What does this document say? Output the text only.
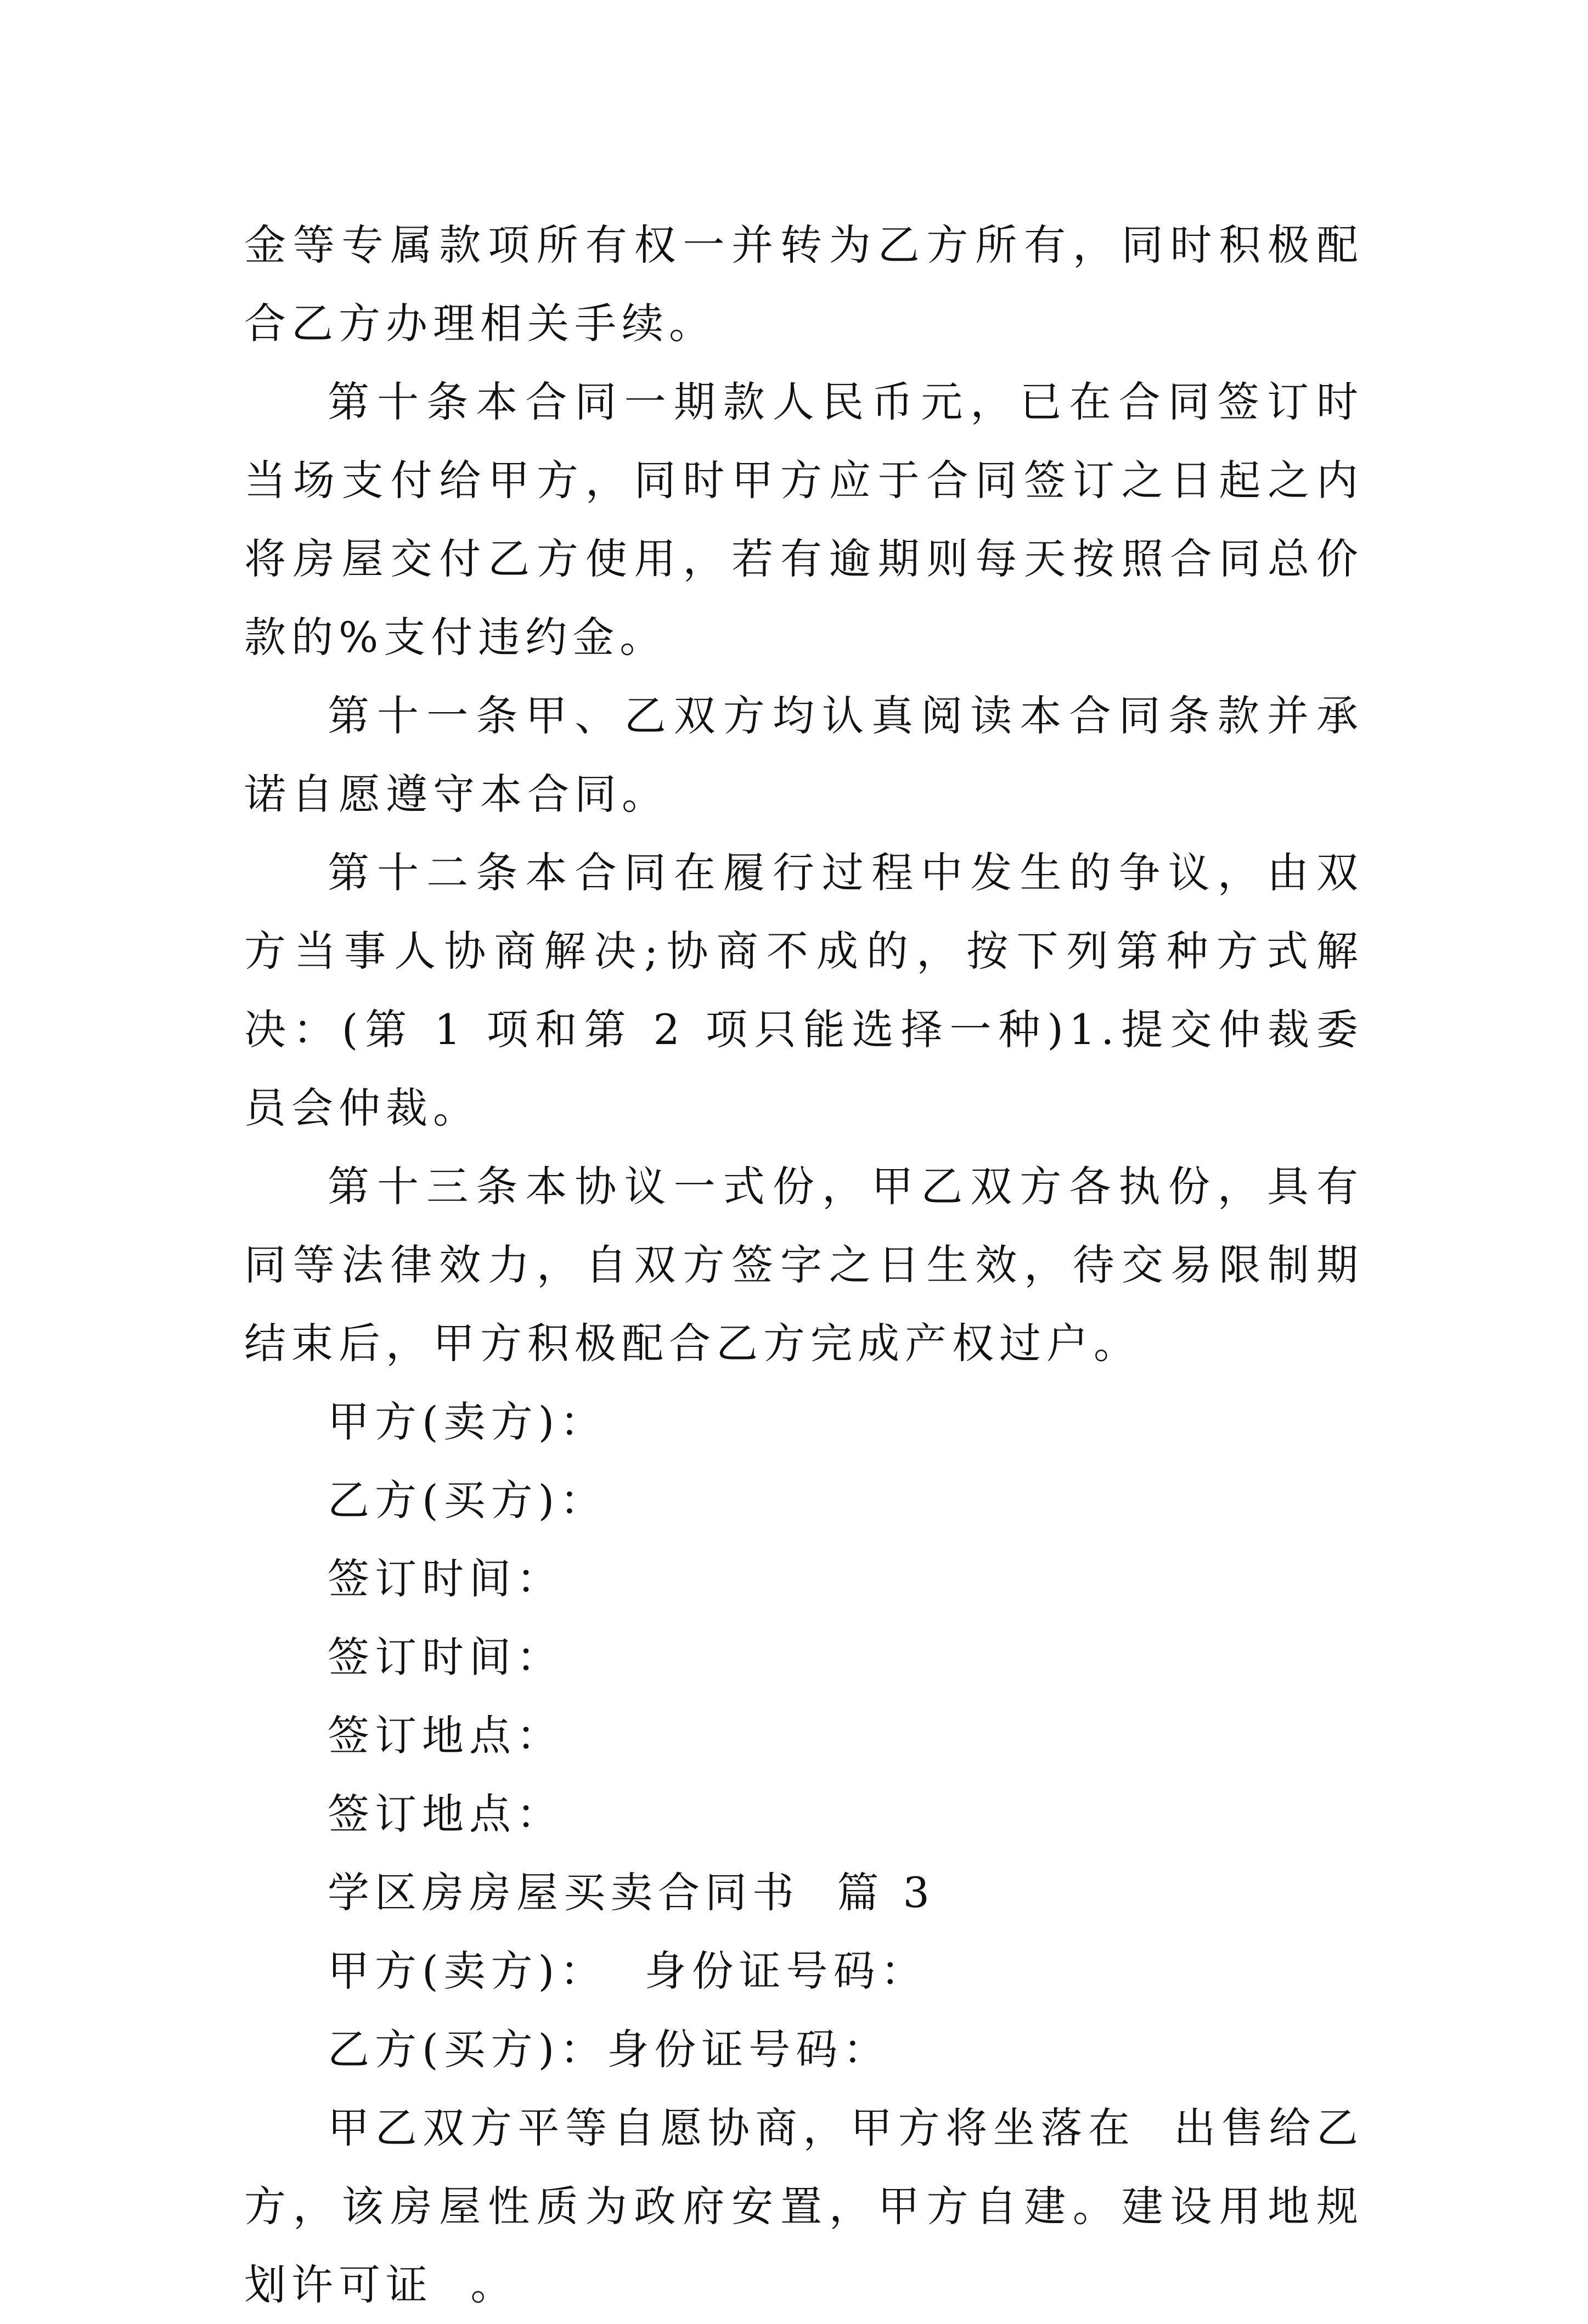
金等专属款项所有权一并转为乙方所有，同时积极配合乙方办理相关手续。

第十条本合同一期款人民币元，已在合同签订时当场支付给甲方，同时甲方应于合同签订之日起之内将房屋交付乙方使用，若有逾期则每天按照合同总价款的%支付违约金。

第十一条甲、乙双方均认真阅读本合同条款并承诺自愿遵守本合同。

第十二条本合同在履行过程中发生的争议，由双方当事人协商解决;协商不成的，按下列第种方式解决：(第 1 项和第 2 项只能选择一种)1.提交仲裁委员会仲裁。

第十三条本协议一式份，甲乙双方各执份，具有同等法律效力，自双方签字之日生效，待交易限制期结束后，甲方积极配合乙方完成产权过户。

甲方(卖方)：

乙方(买方)：

签订时间：

签订时间：

签订地点：

签订地点：

学区房房屋买卖合同书  篇 3

甲方(卖方)：  身份证号码：

乙方(买方)：身份证号码：

甲乙双方平等自愿协商，甲方将坐落在  出售给乙方，该房屋性质为政府安置，甲方自建。建设用地规划许可证  。
